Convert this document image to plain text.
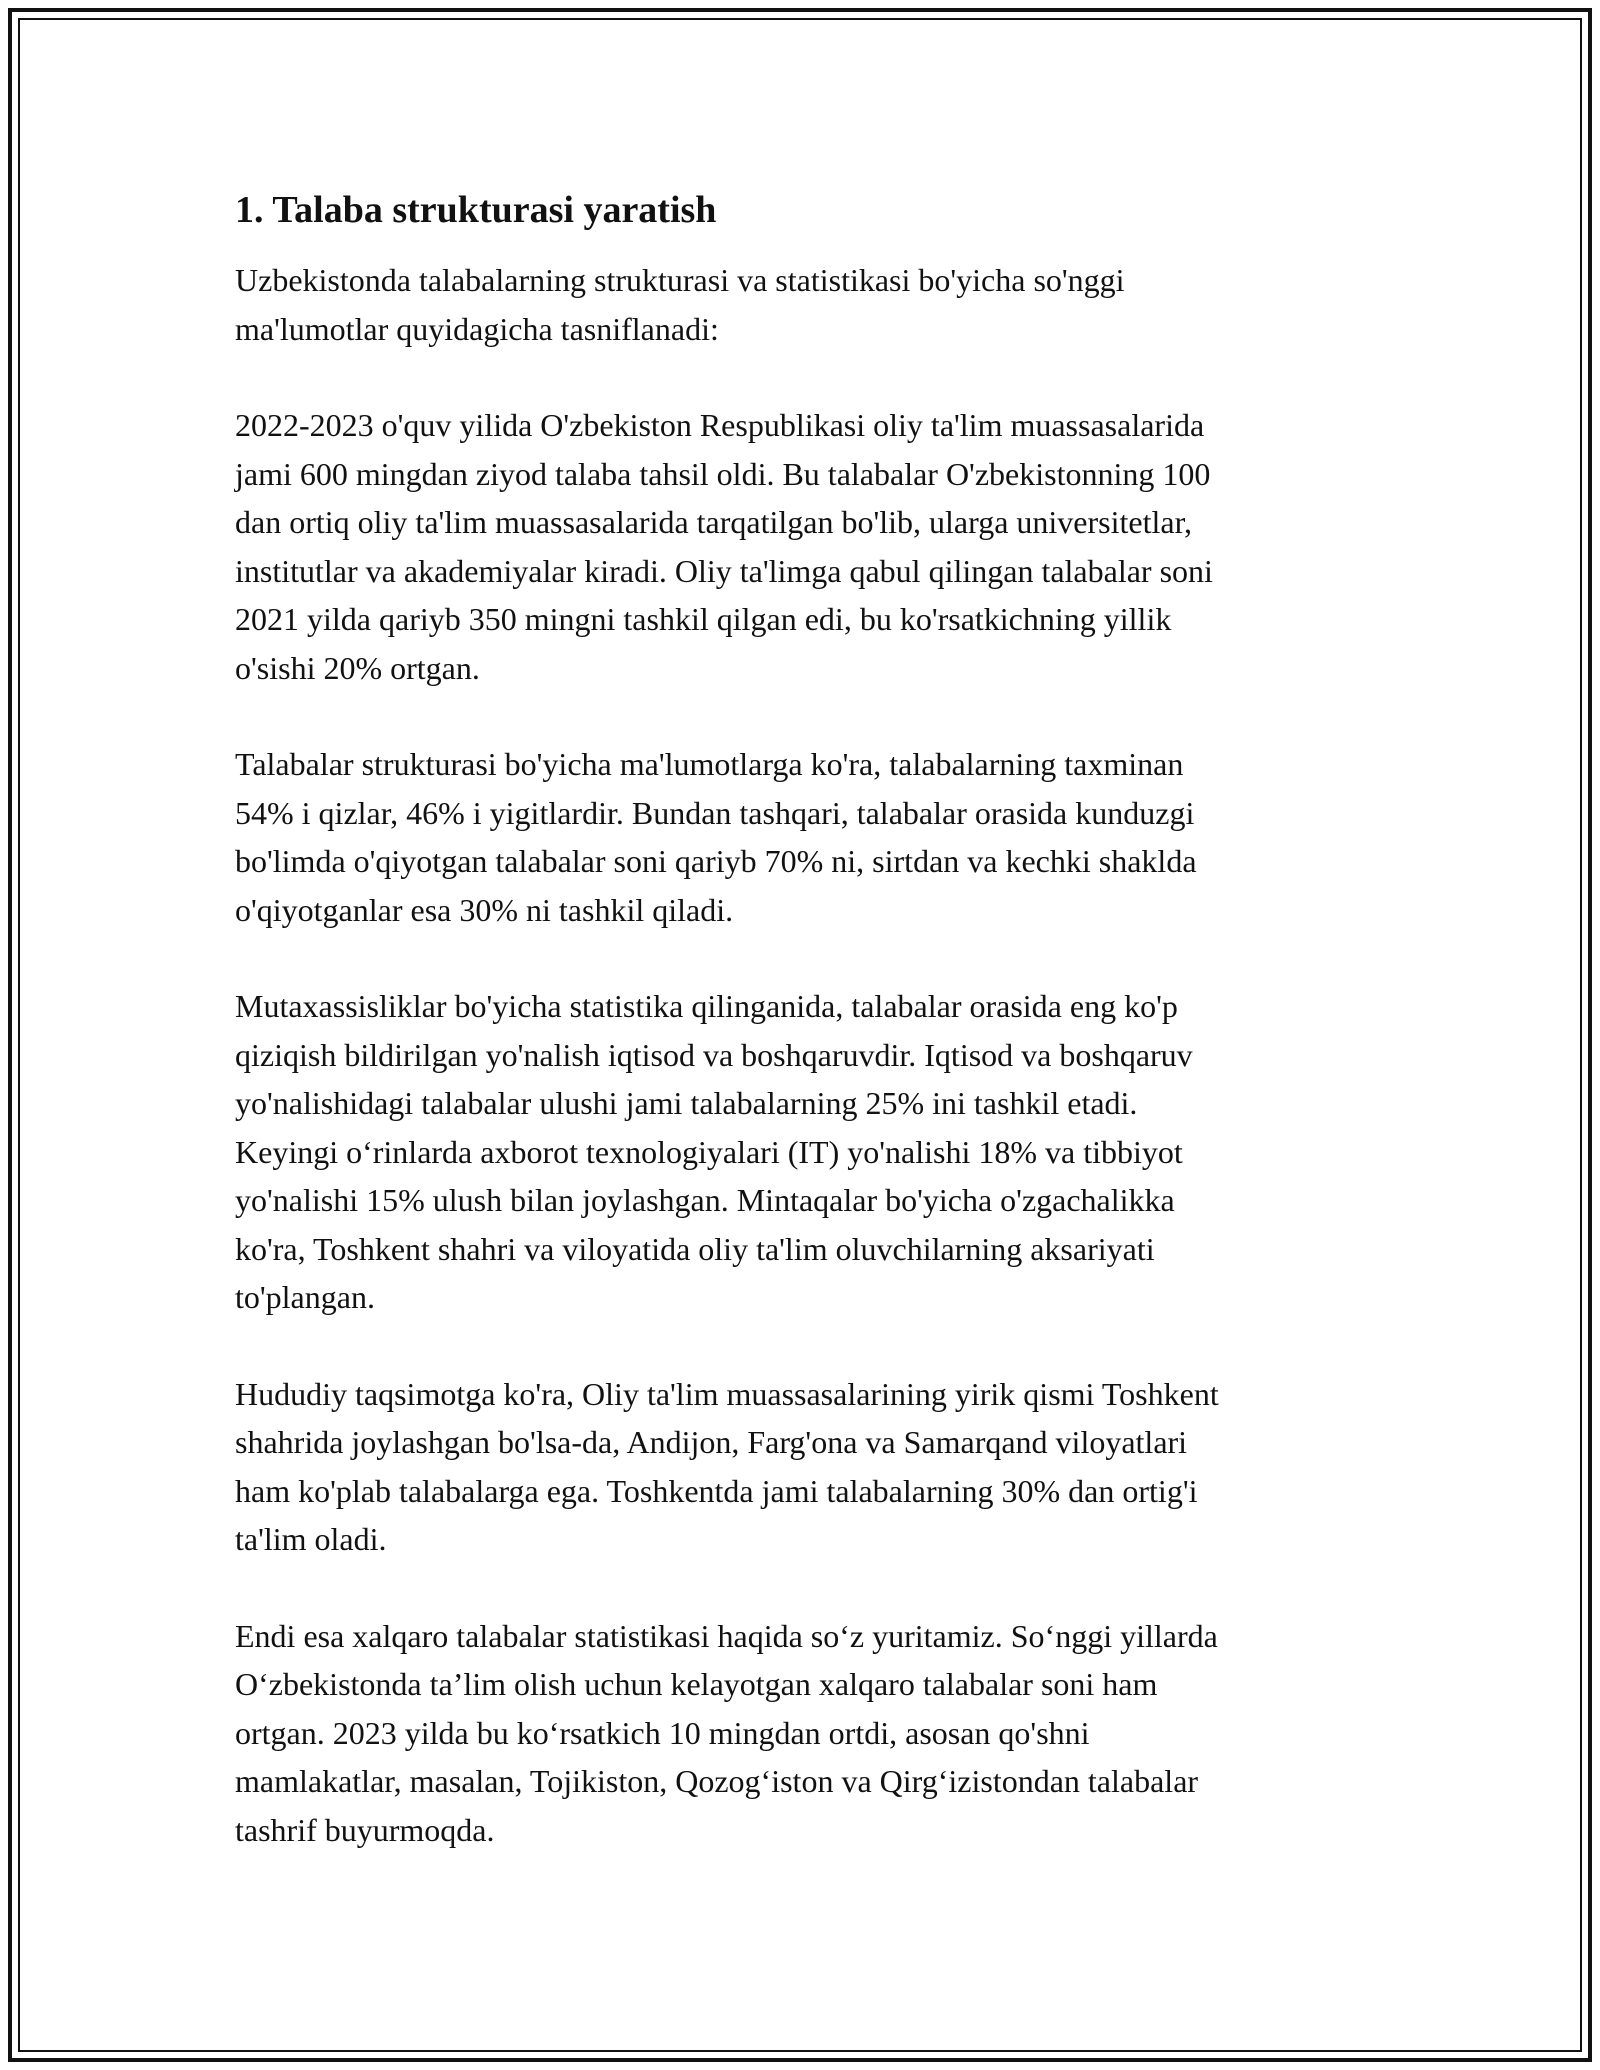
1. Talaba strukturasi yaratish

Uzbekistonda talabalarning strukturasi va statistikasi bo'yicha so'nggi
ma'lumotlar quyidagicha tasniflanadi:

2022-2023 o'quv yilida O'zbekiston Respublikasi oliy ta'lim muassasalarida
jami 600 mingdan ziyod talaba tahsil oldi. Bu talabalar O'zbekistonning 100
dan ortiq oliy ta'lim muassasalarida tarqatilgan bo'lib, ularga universitetlar,
institutlar va akademiyalar kiradi. Oliy ta'limga qabul qilingan talabalar soni
2021 yilda qariyb 350 mingni tashkil qilgan edi, bu ko'rsatkichning yillik
o'sishi 20% ortgan.

Talabalar strukturasi bo'yicha ma'lumotlarga ko'ra, talabalarning taxminan
54% i qizlar, 46% i yigitlardir. Bundan tashqari, talabalar orasida kunduzgi
bo'limda o'qiyotgan talabalar soni qariyb 70% ni, sirtdan va kechki shaklda
o'qiyotganlar esa 30% ni tashkil qiladi.

Mutaxassisliklar bo'yicha statistika qilinganida, talabalar orasida eng ko'p
qiziqish bildirilgan yo'nalish iqtisod va boshqaruvdir. Iqtisod va boshqaruv
yo'nalishidagi talabalar ulushi jami talabalarning 25% ini tashkil etadi.
Keyingi o‘rinlarda axborot texnologiyalari (IT) yo'nalishi 18% va tibbiyot
yo'nalishi 15% ulush bilan joylashgan. Mintaqalar bo'yicha o'zgachalikka
ko'ra, Toshkent shahri va viloyatida oliy ta'lim oluvchilarning aksariyati
to'plangan.

Hududiy taqsimotga ko'ra, Oliy ta'lim muassasalarining yirik qismi Toshkent
shahrida joylashgan bo'lsa-da, Andijon, Farg'ona va Samarqand viloyatlari
ham ko'plab talabalarga ega. Toshkentda jami talabalarning 30% dan ortig'i
ta'lim oladi.

Endi esa xalqaro talabalar statistikasi haqida so‘z yuritamiz. So‘nggi yillarda
O‘zbekistonda ta’lim olish uchun kelayotgan xalqaro talabalar soni ham
ortgan. 2023 yilda bu ko‘rsatkich 10 mingdan ortdi, asosan qo'shni
mamlakatlar, masalan, Tojikiston, Qozog‘iston va Qirg‘izistondan talabalar
tashrif buyurmoqda.
